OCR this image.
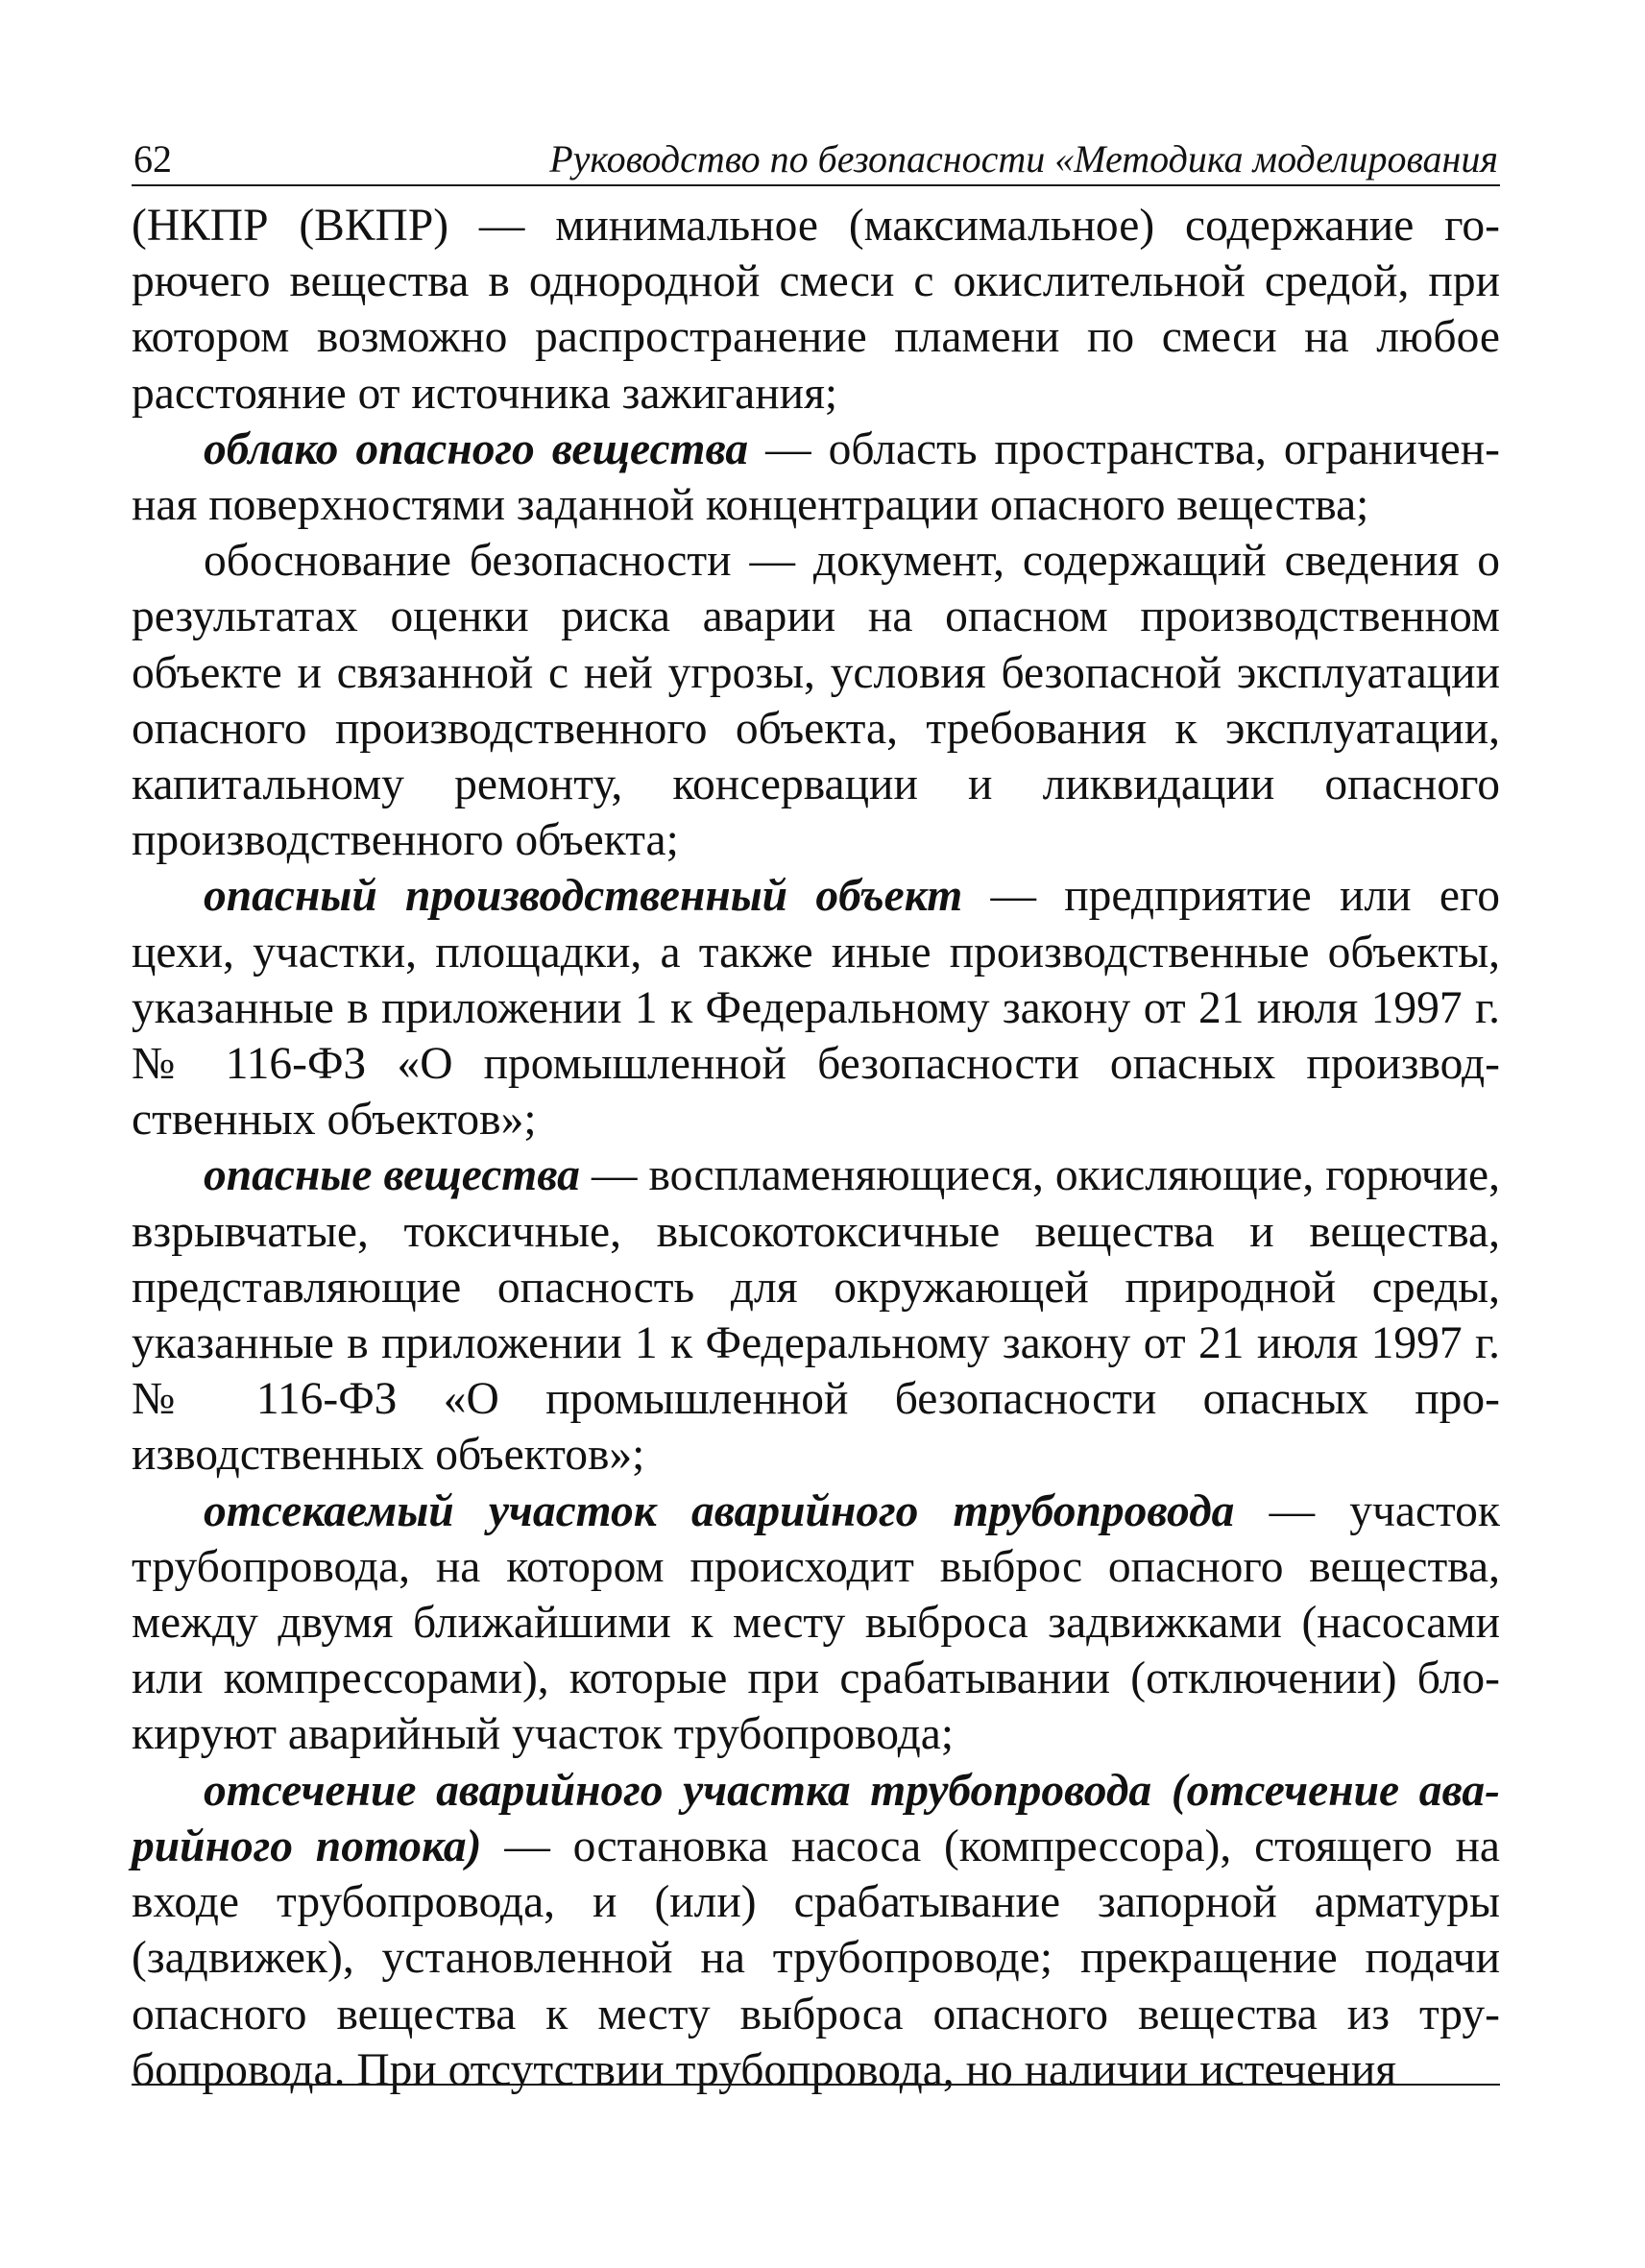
62	Руководство по безопасности «Методика моделирования

(НКПР (ВКПР) — минимальное (максимальное) содержание горючего вещества в однородной смеси с окислительной средой, при котором возможно распространение пламени по смеси на любое расстояние от источника зажигания;

облако опасного вещества — область пространства, ограниченная поверхностями заданной концентрации опасного вещества;

обоснование безопасности — документ, содержащий сведения о результатах оценки риска аварии на опасном производственном объекте и связанной с ней угрозы, условия безопасной эксплуатации опасного производственного объекта, требования к эксплуатации, капитальному ремонту, консервации и ликвидации опасного производственного объекта;

опасный производственный объект — предприятие или его цехи, участки, площадки, а также иные производственные объекты, указанные в приложении 1 к Федеральному закону от 21 июля 1997 г. № 116-ФЗ «О промышленной безопасности опасных производственных объектов»;

опасные вещества — воспламеняющиеся, окисляющие, горючие, взрывчатые, токсичные, высокотоксичные вещества и вещества, представляющие опасность для окружающей природной среды, указанные в приложении 1 к Федеральному закону от 21 июля 1997 г. № 116-ФЗ «О промышленной безопасности опасных производственных объектов»;

отсекаемый участок аварийного трубопровода — участок трубопровода, на котором происходит выброс опасного вещества, между двумя ближайшими к месту выброса задвижками (насосами или компрессорами), которые при срабатывании (отключении) блокируют аварийный участок трубопровода;

отсечение аварийного участка трубопровода (отсечение аварийного потока) — остановка насоса (компрессора), стоящего на входе трубопровода, и (или) срабатывание запорной арматуры (задвижек), установленной на трубопроводе; прекращение подачи опасного вещества к месту выброса опасного вещества из трубопровода. При отсутствии трубопровода, но наличии истечения
